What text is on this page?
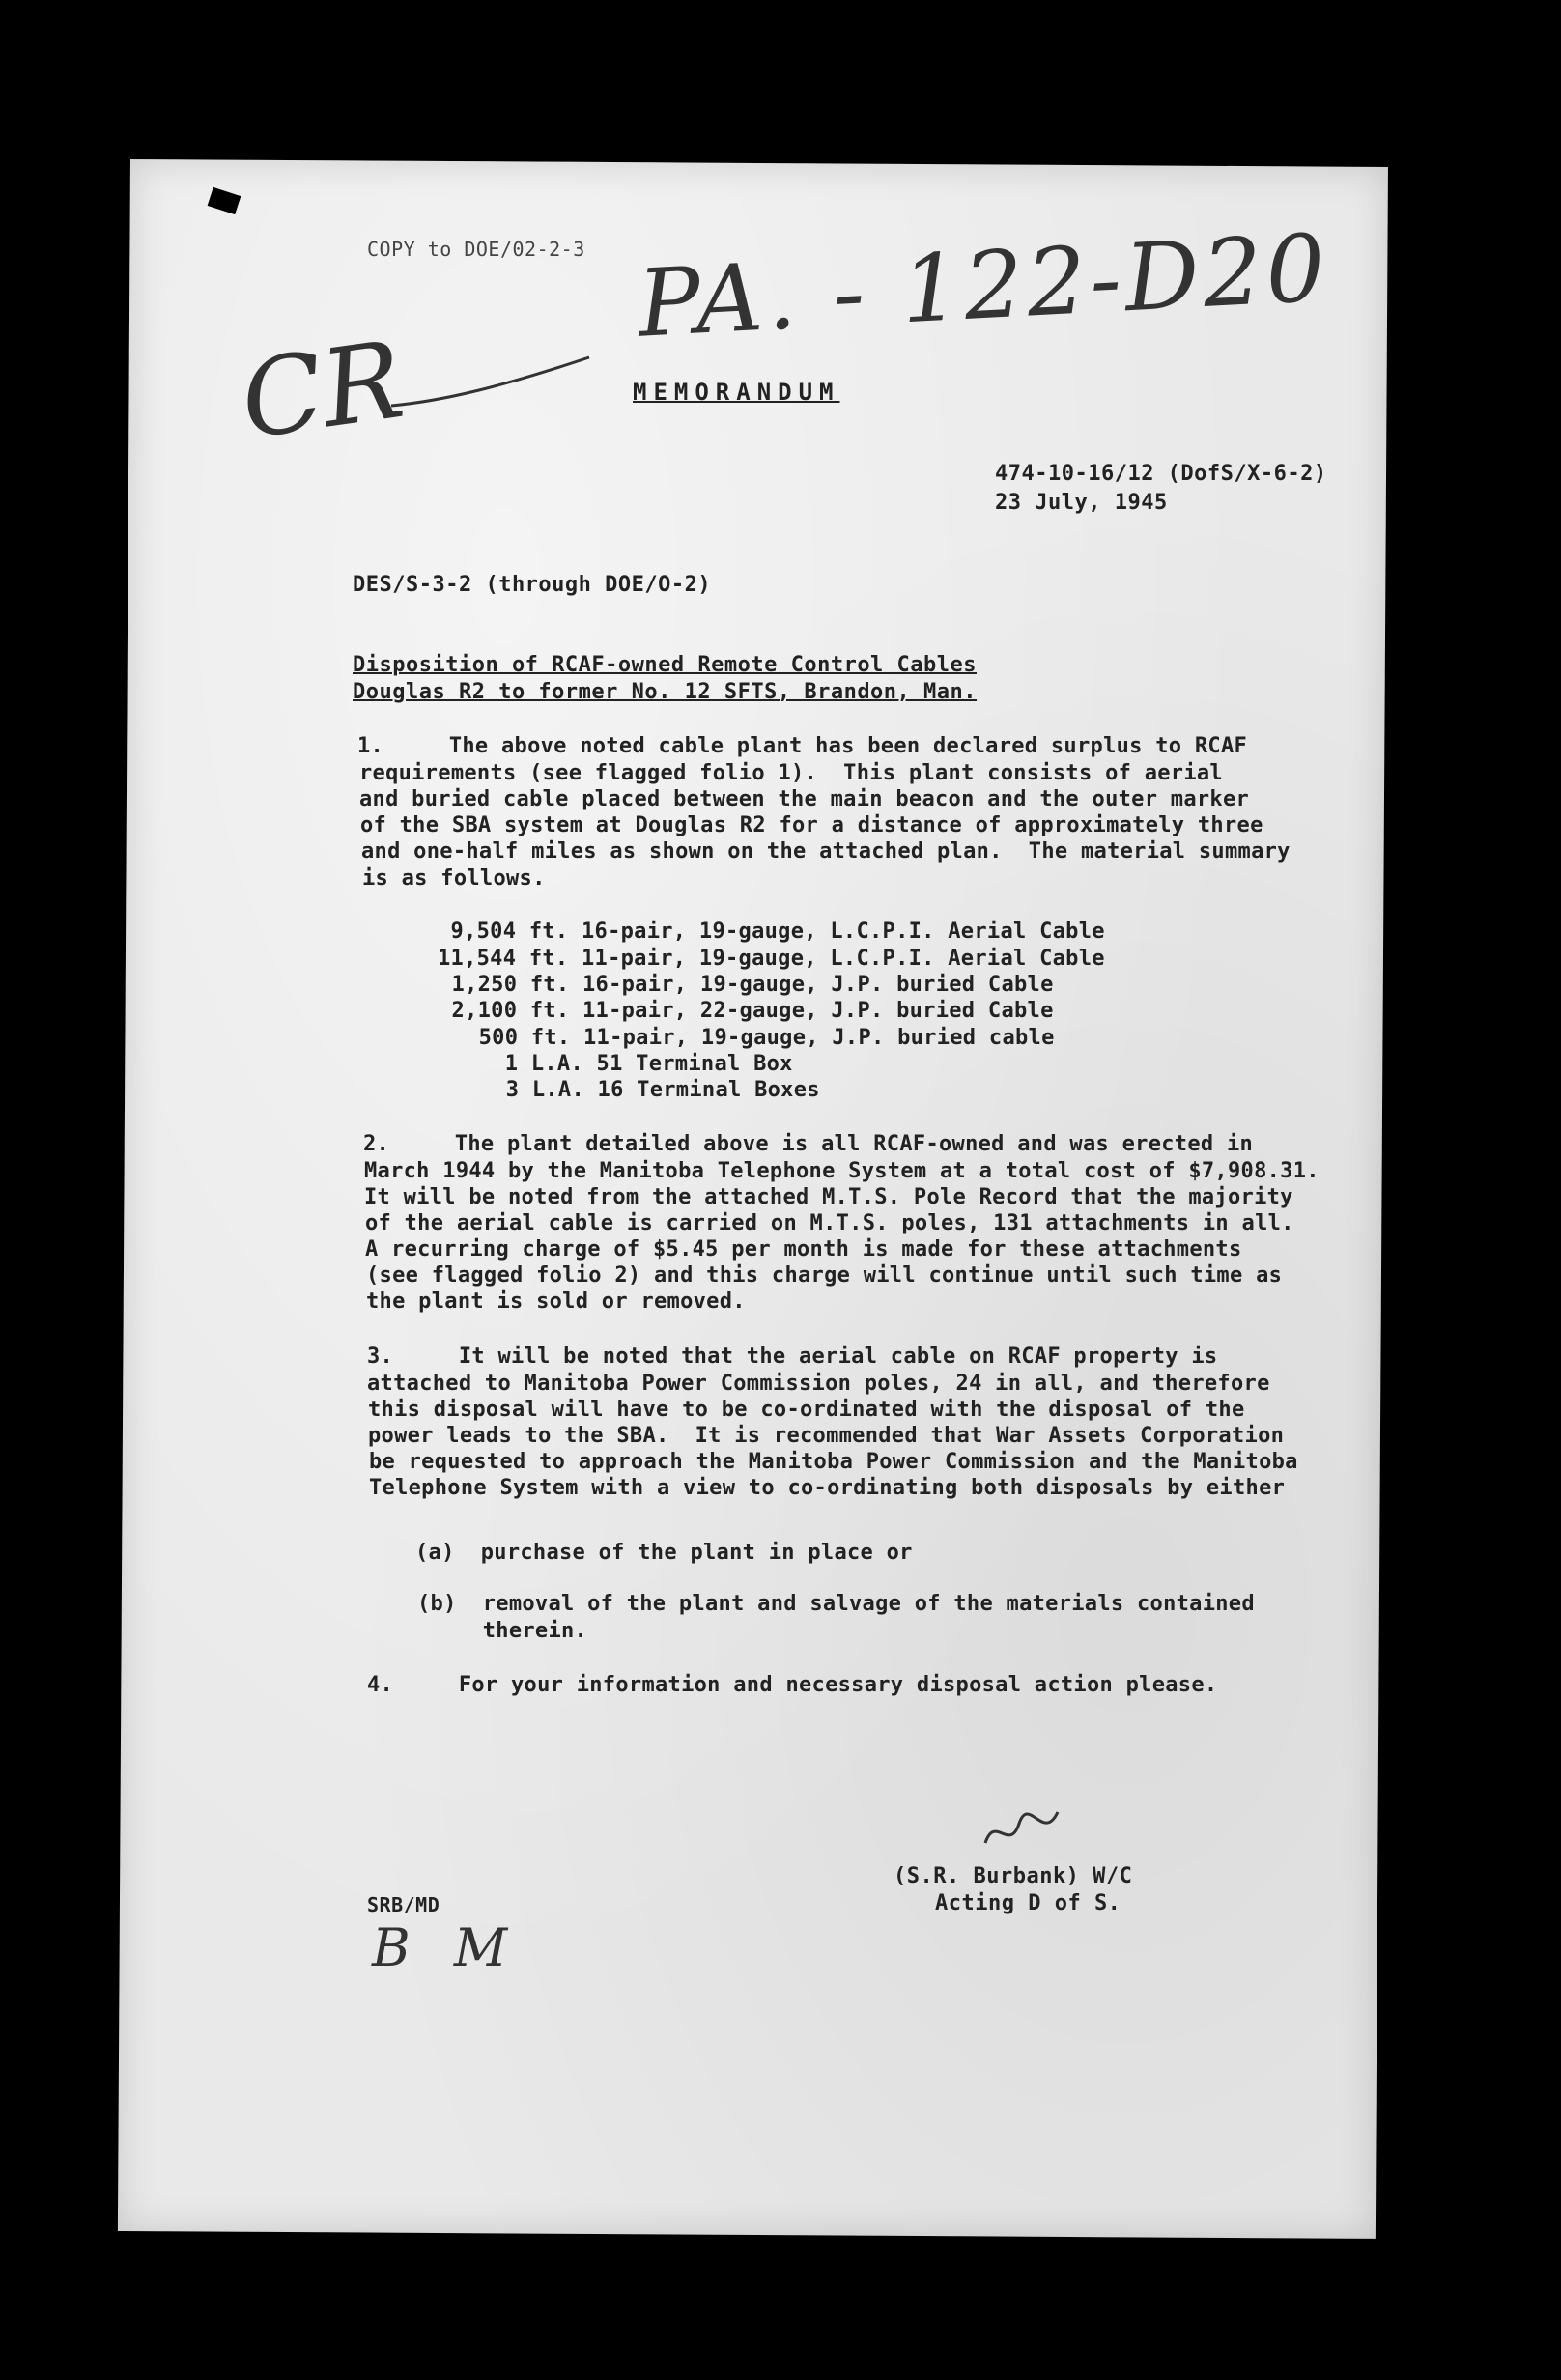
COPY to DOE/02-2-3 PA. - 122-D20
CR	MEMORANDUM
474-10-16/12 (DofS/X-6-2)
23 July, 1945
DES/S-3-2 (through DOE/O-2)
Disposition of RCAF-owned Remote Control Cables
Douglas R2 to former No. 12 SFTS, Brandon, Man.
1.     The above noted cable plant has been declared surplus to RCAF
requirements (see flagged folio 1).  This plant consists of aerial
and buried cable placed between the main beacon and the outer marker
of the SBA system at Douglas R2 for a distance of approximately three
and one-half miles as shown on the attached plan.  The material summary
is as follows.
9,504 ft. 16-pair, 19-gauge, L.C.P.I. Aerial Cable
11,544 ft. 11-pair, 19-gauge, L.C.P.I. Aerial Cable
1,250 ft. 16-pair, 19-gauge, J.P. buried Cable
2,100 ft. 11-pair, 22-gauge, J.P. buried Cable
500 ft. 11-pair, 19-gauge, J.P. buried cable
1 L.A. 51 Terminal Box
3 L.A. 16 Terminal Boxes
2.     The plant detailed above is all RCAF-owned and was erected in
March 1944 by the Manitoba Telephone System at a total cost of $7,908.31.
It will be noted from the attached M.T.S. Pole Record that the majority
of the aerial cable is carried on M.T.S. poles, 131 attachments in all.
A recurring charge of $5.45 per month is made for these attachments
(see flagged folio 2) and this charge will continue until such time as
the plant is sold or removed.
3.     It will be noted that the aerial cable on RCAF property is
attached to Manitoba Power Commission poles, 24 in all, and therefore
this disposal will have to be co-ordinated with the disposal of the
power leads to the SBA.  It is recommended that War Assets Corporation
be requested to approach the Manitoba Power Commission and the Manitoba
Telephone System with a view to co-ordinating both disposals by either
(a)  purchase of the plant in place or
(b)  removal of the plant and salvage of the materials contained
therein.
4.     For your information and necessary disposal action please.
(S.R. Burbank) W/C
Acting D of S.
SRB/MD
B M
